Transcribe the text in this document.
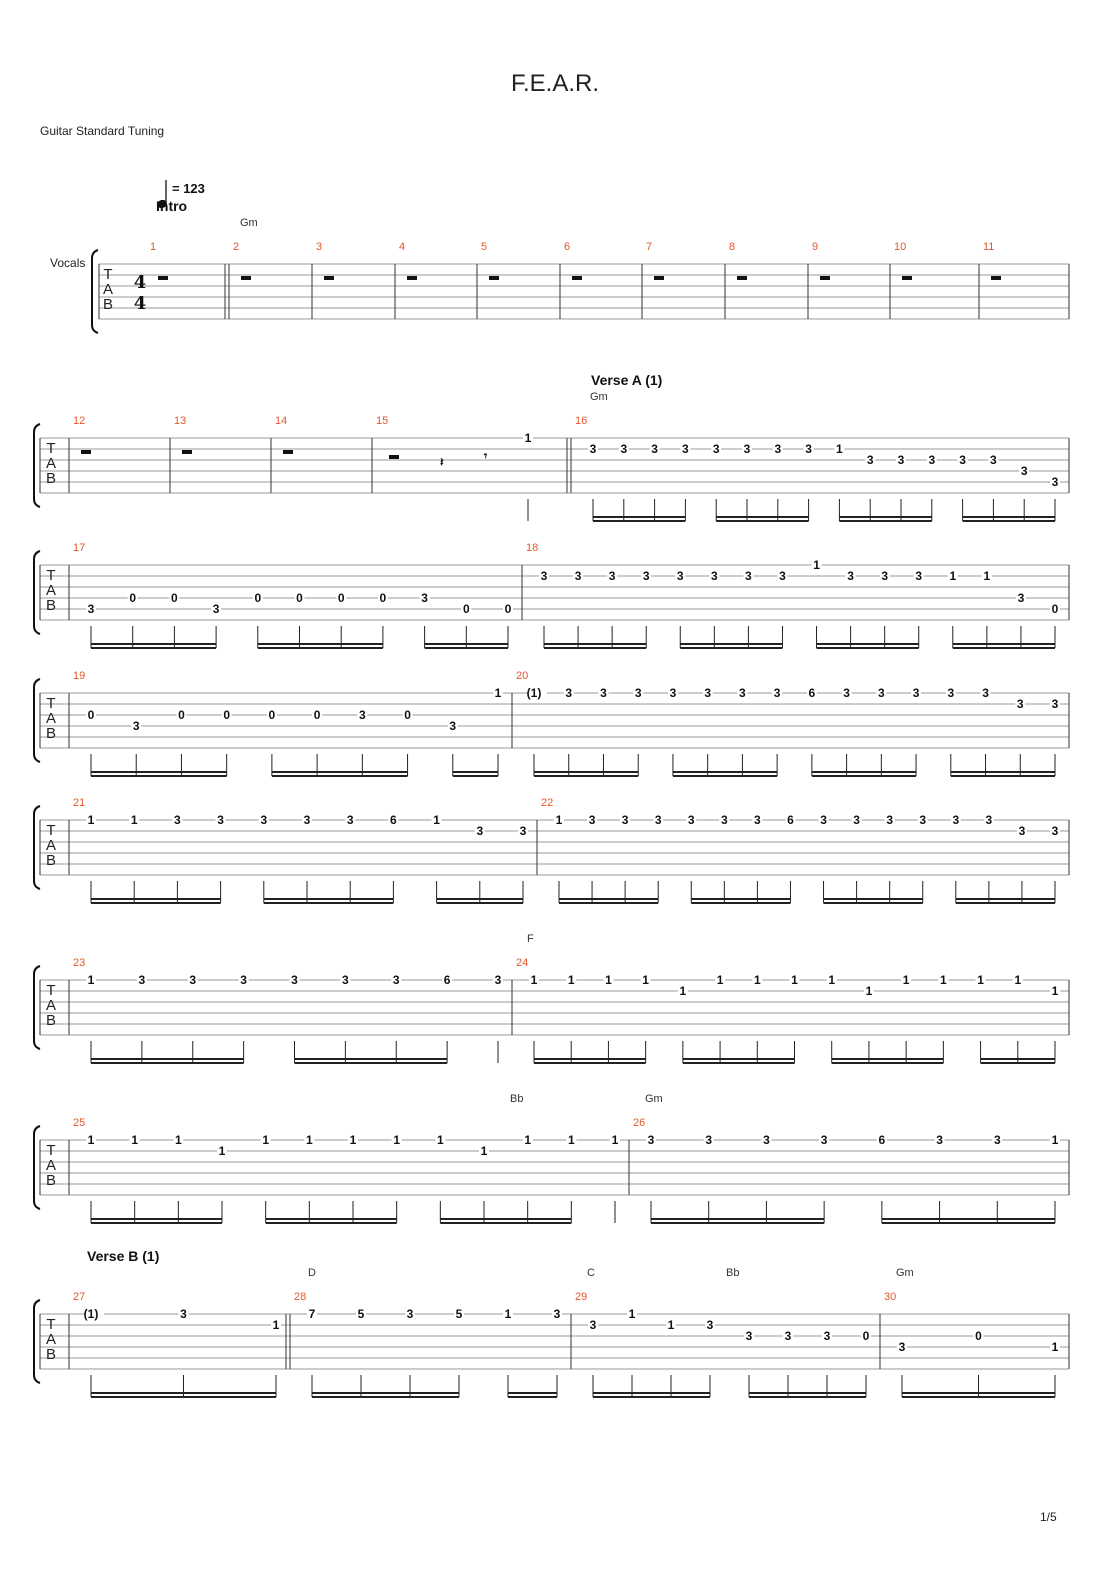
F.E.A.R.
Guitar Standard Tuning
1/5
T
A
B
T
A
B
T
A
B
T
A
B
T
A
B
T
A
B
T
A
B
T
A
B
4
4
Vocals
= 123
1	2	3	4	5	6	7	8	9	10	11
12	13	14	15	16
17	18
19	20
21	22
23	24
25	26
27	28	29	30
Intro
Verse A (1)
Verse B (1)
Gm
Gm
F
Bb	Gm
D	C	Bb	Gm
𝄽	𝄾
1
3 3 3 3 3 3 3 3 1
3 3 3 3 3
3
3
3
0	0
3
0	0	0	0	3
0	0
3 3 3 3 3 3 3 3
1
3 3 3 1 1
3
0
0
3
0	0	0	0	3	0
3
1 (1) 3 3 3 3 3 3 3 6 3 3 3 3 3
3 3
1	1	3	3	3	3	3	6	1
3	3
1 3 3 3 3 3 3 6 3 3 3 3 3 3
3 3
1	3	3	3	3	3	3	6	3 1	1	1	1
1
1	1	1	1
1
1	1	1	1
1
1	1	1
1
1	1	1	1	1
1
1	1	1 3	3	3	3	6	3	3	1
(1)	3
1
7	5	3	5	1	3
3
1
1	3
3	3	3	0
3
0
1
